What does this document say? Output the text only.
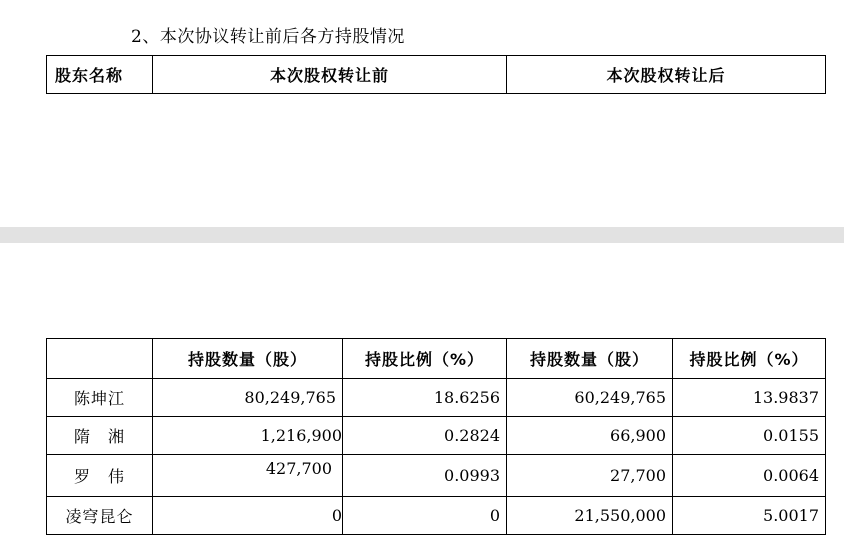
2、本次协议转让前后各方持股情况
股东名称	本次股权转让前	本次股权转让后
	持股数量（股）	持股比例（%）	持股数量（股）	持股比例（%）
陈坤江	80,249,765	18.6256	60,249,765	13.9837
隋　湘	1,216,900	0.2824	66,900	0.0155
罗　伟	427,700	0.0993	27,700	0.0064
凌穹昆仑	0	0	21,550,000	5.0017
